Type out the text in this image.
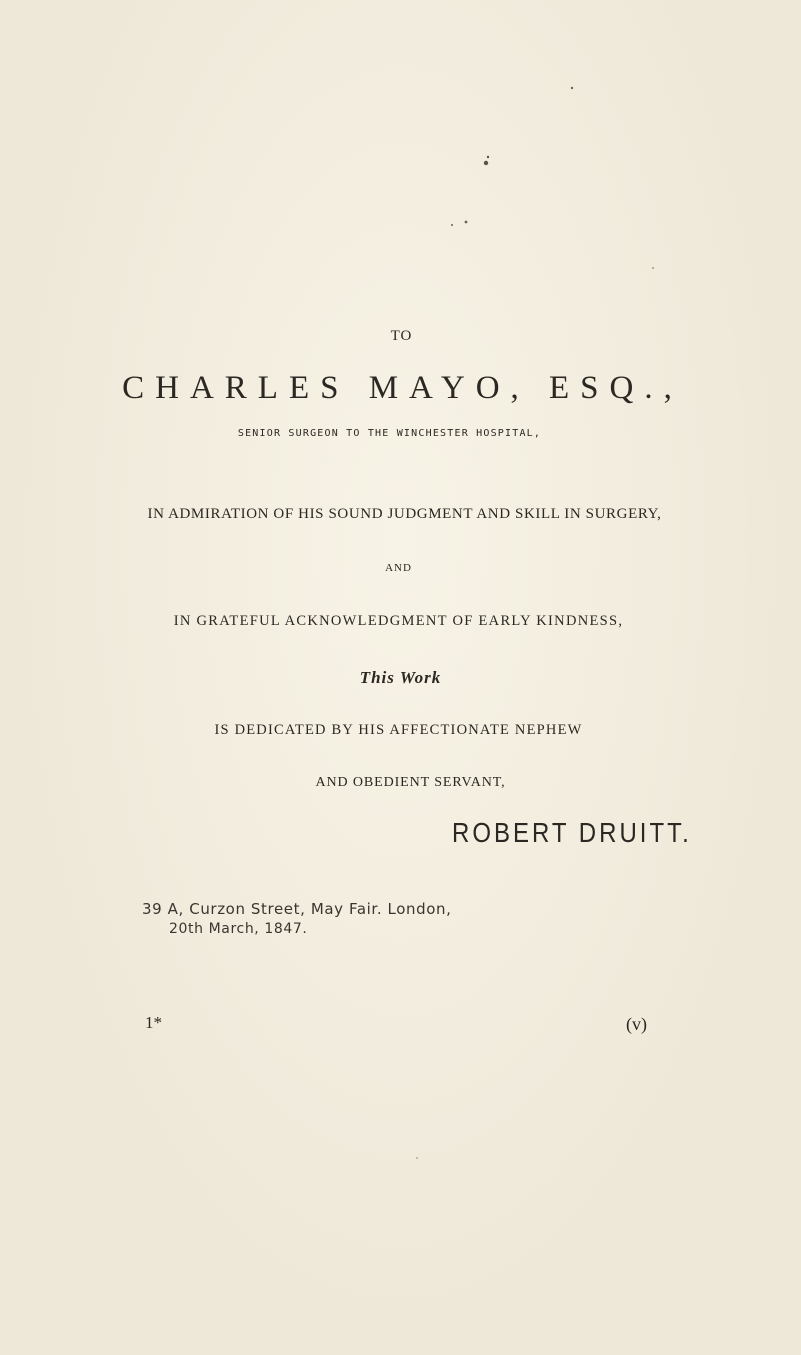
TO
CHARLES MAYO, ESQ.,
SENIOR SURGEON TO THE WINCHESTER HOSPITAL,
IN ADMIRATION OF HIS SOUND JUDGMENT AND SKILL IN SURGERY,
AND
IN GRATEFUL ACKNOWLEDGMENT OF EARLY KINDNESS,
This Work
IS DEDICATED BY HIS AFFECTIONATE NEPHEW
AND OBEDIENT SERVANT,
ROBERT DRUITT.
39 A, Curzon Street, May Fair. London,
20th March, 1847.
1*	(v)
